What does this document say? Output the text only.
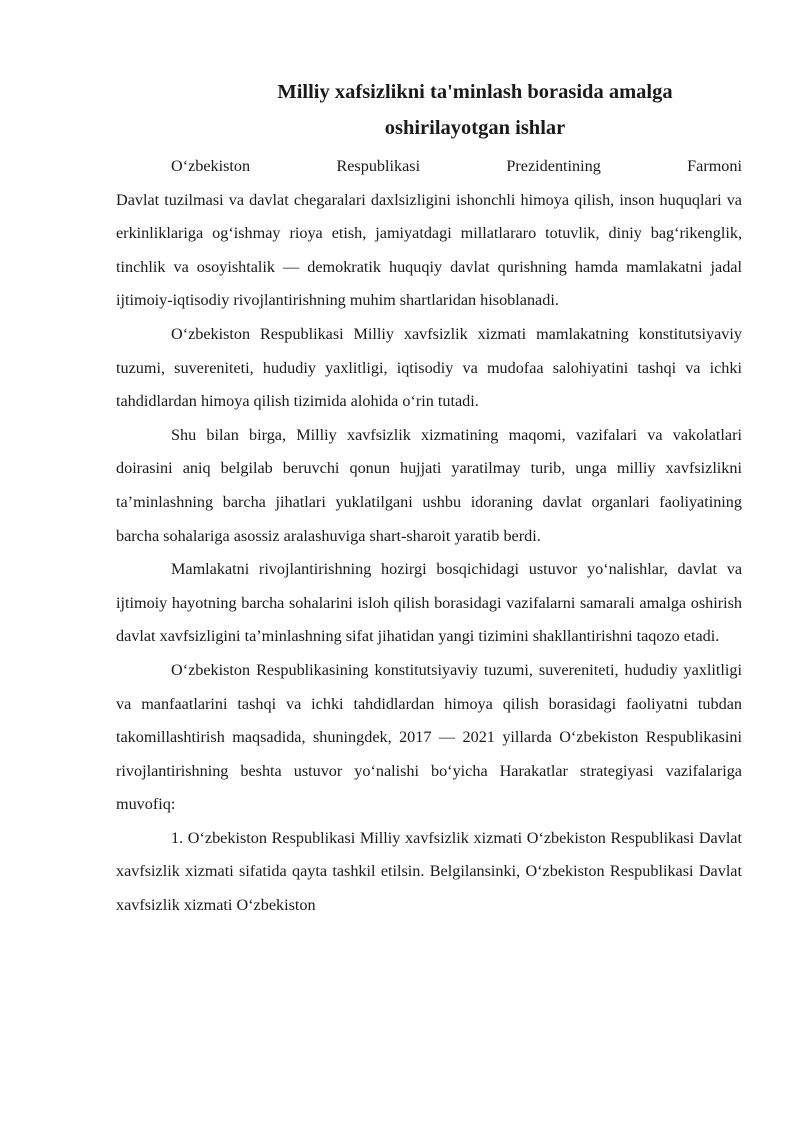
Milliy xafsizlikni ta'minlash borasida amalga
oshirilayotgan ishlar

O‘zbekiston Respublikasi Prezidentining Farmoni
Davlat tuzilmasi va davlat chegaralari daxlsizligini ishonchli himoya qilish, inson huquqlari va erkinliklariga og‘ishmay rioya etish, jamiyatdagi millatlararo totuvlik, diniy bag‘rikenglik, tinchlik va osoyishtalik — demokratik huquqiy davlat qurishning hamda mamlakatni jadal ijtimoiy-iqtisodiy rivojlantirishning muhim shartlaridan hisoblanadi.

O‘zbekiston Respublikasi Milliy xavfsizlik xizmati mamlakatning konstitutsiyaviy tuzumi, suvereniteti, hududiy yaxlitligi, iqtisodiy va mudofaa salohiyatini tashqi va ichki tahdidlardan himoya qilish tizimida alohida o‘rin tutadi.

Shu bilan birga, Milliy xavfsizlik xizmatining maqomi, vazifalari va vakolatlari doirasini aniq belgilab beruvchi qonun hujjati yaratilmay turib, unga milliy xavfsizlikni ta’minlashning barcha jihatlari yuklatilgani ushbu idoraning davlat organlari faoliyatining barcha sohalariga asossiz aralashuviga shart-sharoit yaratib berdi.

Mamlakatni rivojlantirishning hozirgi bosqichidagi ustuvor yo‘nalishlar, davlat va ijtimoiy hayotning barcha sohalarini isloh qilish borasidagi vazifalarni samarali amalga oshirish davlat xavfsizligini ta’minlashning sifat jihatidan yangi tizimini shakllantirishni taqozo etadi.

O‘zbekiston Respublikasining konstitutsiyaviy tuzumi, suvereniteti, hududiy yaxlitligi va manfaatlarini tashqi va ichki tahdidlardan himoya qilish borasidagi faoliyatni tubdan takomillashtirish maqsadida, shuningdek, 2017 — 2021 yillarda O‘zbekiston Respublikasini rivojlantirishning beshta ustuvor yo‘nalishi bo‘yicha Harakatlar strategiyasi vazifalariga muvofiq:

1. O‘zbekiston Respublikasi Milliy xavfsizlik xizmati O‘zbekiston Respublikasi Davlat xavfsizlik xizmati sifatida qayta tashkil etilsin. Belgilansinki, O‘zbekiston Respublikasi Davlat xavfsizlik xizmati O‘zbekiston
